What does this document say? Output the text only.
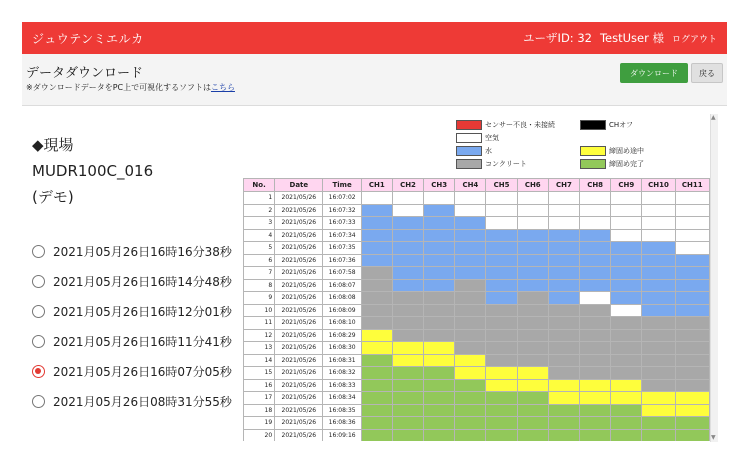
ジュウテンミエルカ	ユーザID: 32 TestUser 様 ログアウト
データダウンロード
※ダウンロードデータをPC上で可視化するソフトはこちら
ダウンロード	戻る
◆現場
MUDR100C_016
(デモ)
2021月05月26日16時16分38秒
2021月05月26日16時14分48秒
2021月05月26日16時12分01秒
2021月05月26日16時11分41秒
2021月05月26日16時07分05秒
2021月05月26日08時31分55秒
センサー不良・未接続	CHオフ
空気
水	締固め途中
コンクリート	締固め完了
No.	Date	Time	CH1	CH2	CH3	CH4	CH5	CH6	CH7	CH8	CH9	CH10	CH11
1	2021/05/26	16:07:02											
2	2021/05/26	16:07:32											
3	2021/05/26	16:07:33											
4	2021/05/26	16:07:34											
5	2021/05/26	16:07:35											
6	2021/05/26	16:07:36											
7	2021/05/26	16:07:58											
8	2021/05/26	16:08:07											
9	2021/05/26	16:08:08											
10	2021/05/26	16:08:09											
11	2021/05/26	16:08:10											
12	2021/05/26	16:08:29											
13	2021/05/26	16:08:30											
14	2021/05/26	16:08:31											
15	2021/05/26	16:08:32											
16	2021/05/26	16:08:33											
17	2021/05/26	16:08:34											
18	2021/05/26	16:08:35											
19	2021/05/26	16:08:36											
20	2021/05/26	16:09:16											
▲
▼
